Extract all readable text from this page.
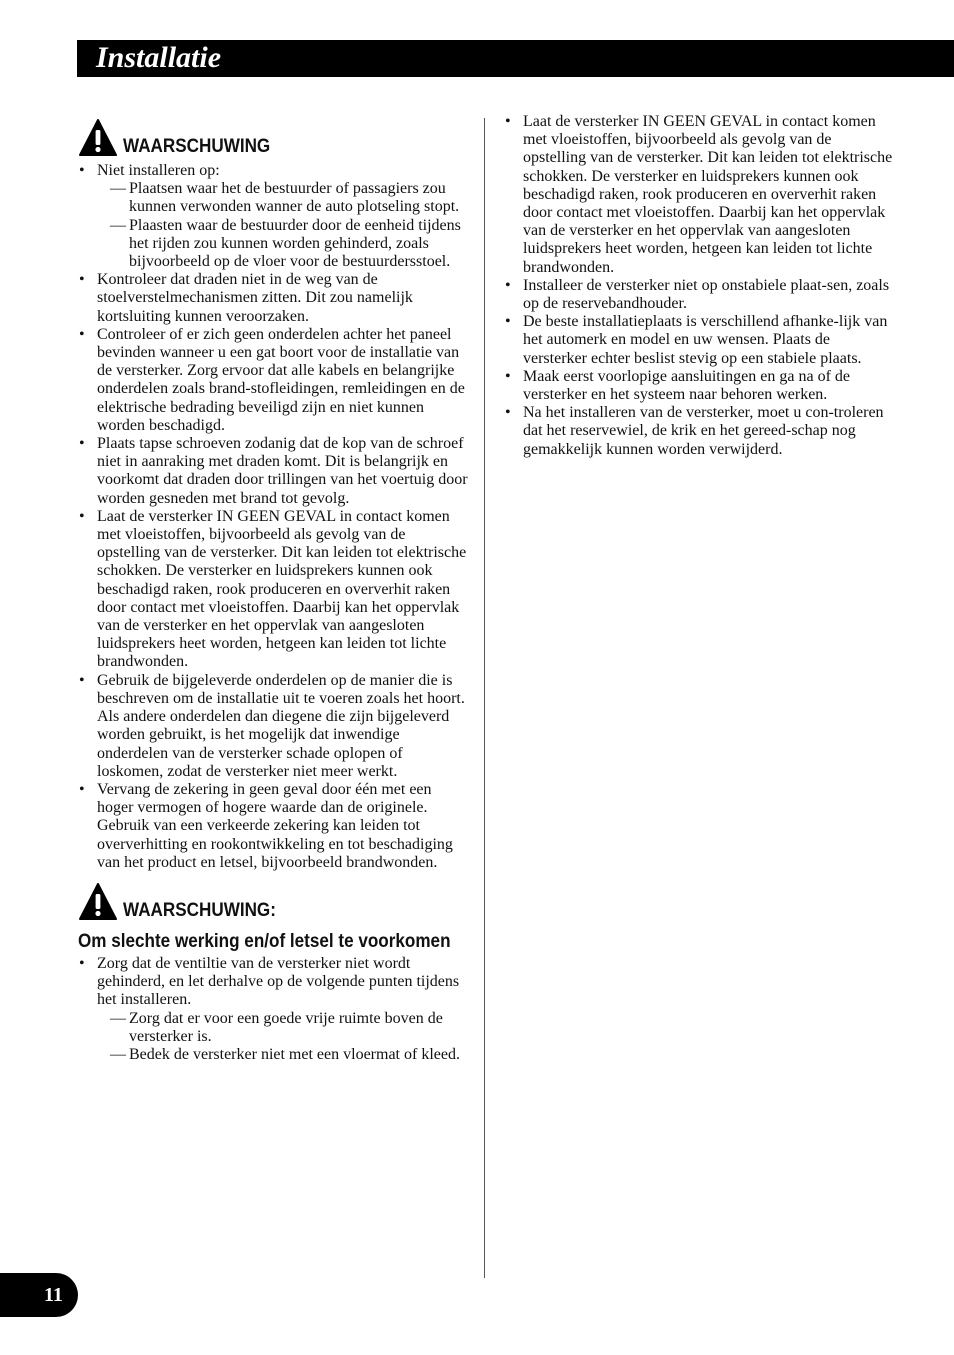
Installatie
WAARSCHUWING
• Niet installeren op:
— Plaatsen waar het de bestuurder of passagiers zou kunnen verwonden wanner de auto plotseling stopt.
— Plaasten waar de bestuurder door de eenheid tijdens het rijden zou kunnen worden gehinderd, zoals bijvoorbeeld op de vloer voor de bestuurdersstoel.
• Kontroleer dat draden niet in de weg van de stoelverstelmechanismen zitten. Dit zou namelijk kortsluiting kunnen veroorzaken.
• Controleer of er zich geen onderdelen achter het paneel bevinden wanneer u een gat boort voor de installatie van de versterker. Zorg ervoor dat alle kabels en belangrijke onderdelen zoals brand-stofleidingen, remleidingen en de elektrische bedrading beveiligd zijn en niet kunnen worden beschadigd.
• Plaats tapse schroeven zodanig dat de kop van de schroef niet in aanraking met draden komt. Dit is belangrijk en voorkomt dat draden door trillingen van het voertuig door worden gesneden met brand tot gevolg.
• Laat de versterker IN GEEN GEVAL in contact komen met vloeistoffen, bijvoorbeeld als gevolg van de opstelling van de versterker. Dit kan leiden tot elektrische schokken. De versterker en luidsprekers kunnen ook beschadigd raken, rook produceren en oververhit raken door contact met vloeistoffen. Daarbij kan het oppervlak van de versterker en het oppervlak van aangesloten luidsprekers heet worden, hetgeen kan leiden tot lichte brandwonden.
• Gebruik de bijgeleverde onderdelen op de manier die is beschreven om de installatie uit te voeren zoals het hoort. Als andere onderdelen dan diegene die zijn bijgeleverd worden gebruikt, is het mogelijk dat inwendige onderdelen van de versterker schade oplopen of loskomen, zodat de versterker niet meer werkt.
• Vervang de zekering in geen geval door één met een hoger vermogen of hogere waarde dan de originele. Gebruik van een verkeerde zekering kan leiden tot oververhitting en rookontwikkeling en tot beschadiging van het product en letsel, bijvoorbeeld brandwonden.
WAARSCHUWING:
Om slechte werking en/of letsel te voorkomen
• Zorg dat de ventiltie van de versterker niet wordt gehinderd, en let derhalve op de volgende punten tijdens het installeren.
— Zorg dat er voor een goede vrije ruimte boven de versterker is.
— Bedek de versterker niet met een vloermat of kleed.
• Laat de versterker IN GEEN GEVAL in contact komen met vloeistoffen, bijvoorbeeld als gevolg van de opstelling van de versterker. Dit kan leiden tot elektrische schokken. De versterker en luidsprekers kunnen ook beschadigd raken, rook produceren en oververhit raken door contact met vloeistoffen. Daarbij kan het oppervlak van de versterker en het oppervlak van aangesloten luidsprekers heet worden, hetgeen kan leiden tot lichte brandwonden.
• Installeer de versterker niet op onstabiele plaat-sen, zoals op de reservebandhouder.
• De beste installatieplaats is verschillend afhanke-lijk van het automerk en model en uw wensen. Plaats de versterker echter beslist stevig op een stabiele plaats.
• Maak eerst voorlopige aansluitingen en ga na of de versterker en het systeem naar behoren werken.
• Na het installeren van de versterker, moet u con-troleren dat het reservewiel, de krik en het gereed-schap nog gemakkelijk kunnen worden verwijderd.
11
